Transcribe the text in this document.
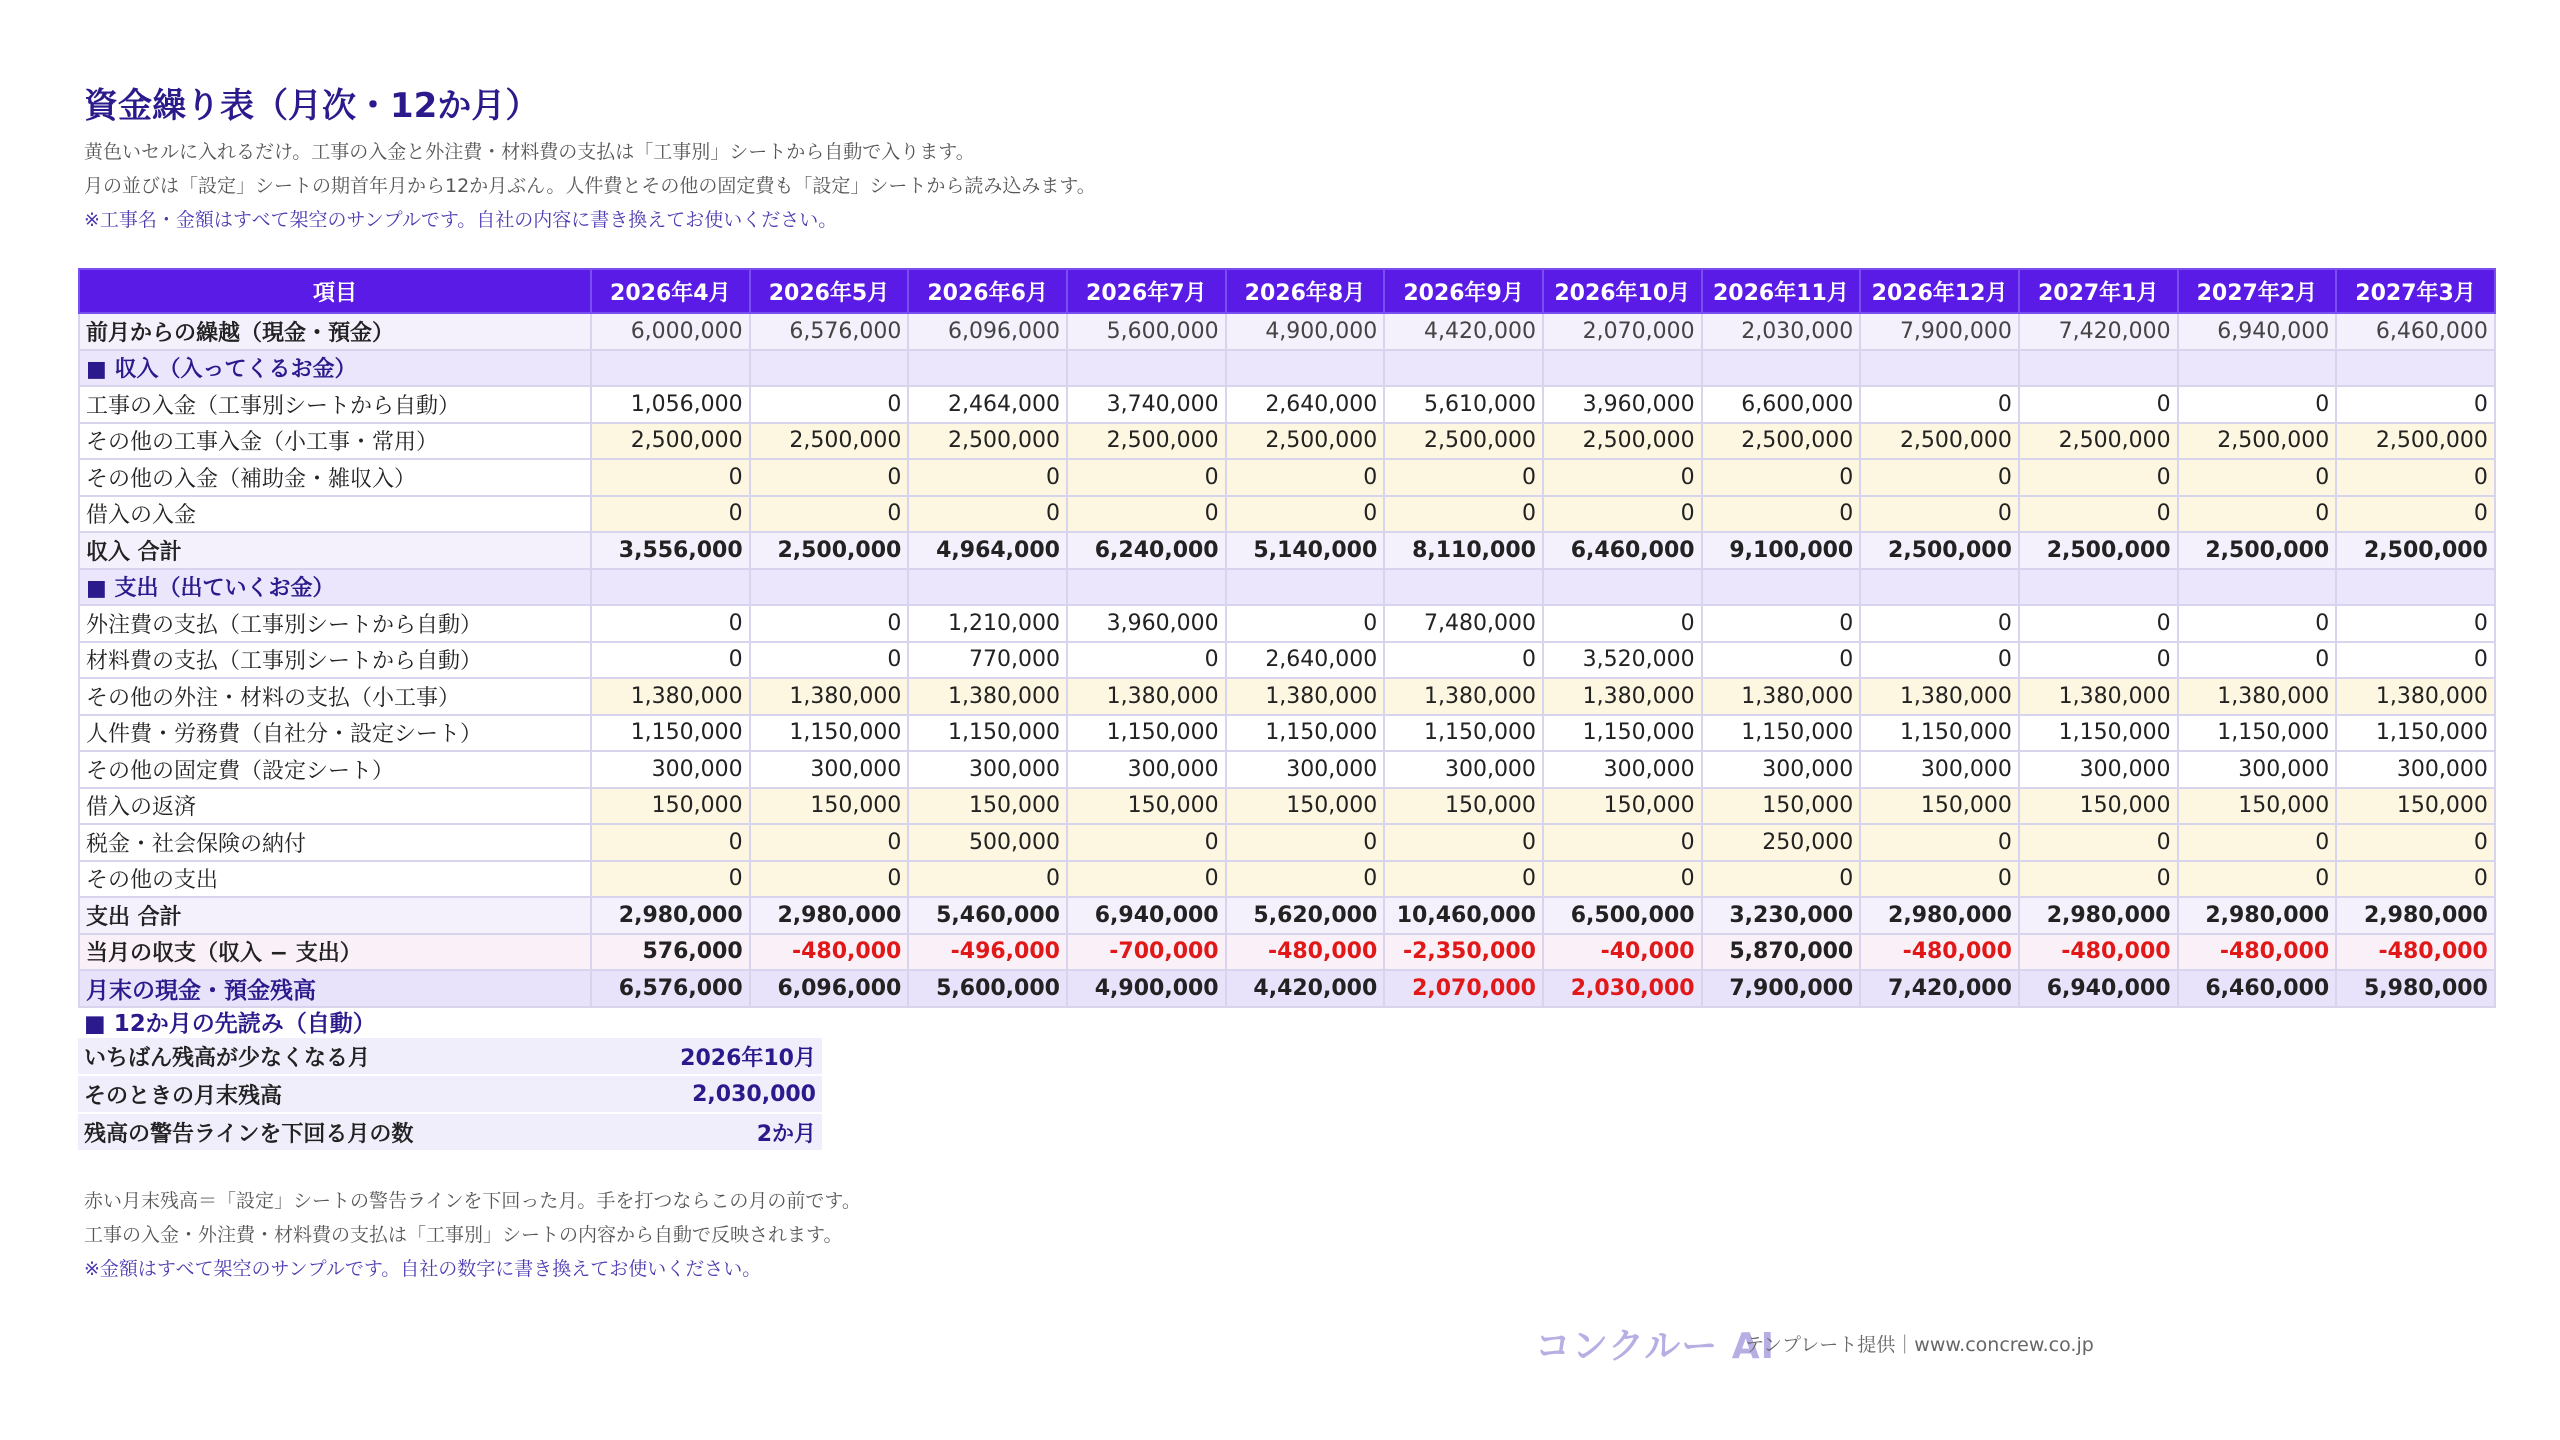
資金繰り表（月次・12か月）
黄色いセルに入れるだけ。工事の入金と外注費・材料費の支払は「工事別」シートから自動で入ります。
月の並びは「設定」シートの期首年月から12か月ぶん。人件費とその他の固定費も「設定」シートから読み込みます。
※工事名・金額はすべて架空のサンプルです。自社の内容に書き換えてお使いください。
項目	2026年4月	2026年5月	2026年6月	2026年7月	2026年8月	2026年9月	2026年10月	2026年11月	2026年12月	2027年1月	2027年2月	2027年3月
前月からの繰越（現金・預金）	6,000,000	6,576,000	6,096,000	5,600,000	4,900,000	4,420,000	2,070,000	2,030,000	7,900,000	7,420,000	6,940,000	6,460,000
■ 収入（入ってくるお金）												
工事の入金（工事別シートから自動）	1,056,000	0	2,464,000	3,740,000	2,640,000	5,610,000	3,960,000	6,600,000	0	0	0	0
その他の工事入金（小工事・常用）	2,500,000	2,500,000	2,500,000	2,500,000	2,500,000	2,500,000	2,500,000	2,500,000	2,500,000	2,500,000	2,500,000	2,500,000
その他の入金（補助金・雑収入）	0	0	0	0	0	0	0	0	0	0	0	0
借入の入金	0	0	0	0	0	0	0	0	0	0	0	0
収入 合計	3,556,000	2,500,000	4,964,000	6,240,000	5,140,000	8,110,000	6,460,000	9,100,000	2,500,000	2,500,000	2,500,000	2,500,000
■ 支出（出ていくお金）												
外注費の支払（工事別シートから自動）	0	0	1,210,000	3,960,000	0	7,480,000	0	0	0	0	0	0
材料費の支払（工事別シートから自動）	0	0	770,000	0	2,640,000	0	3,520,000	0	0	0	0	0
その他の外注・材料の支払（小工事）	1,380,000	1,380,000	1,380,000	1,380,000	1,380,000	1,380,000	1,380,000	1,380,000	1,380,000	1,380,000	1,380,000	1,380,000
人件費・労務費（自社分・設定シート）	1,150,000	1,150,000	1,150,000	1,150,000	1,150,000	1,150,000	1,150,000	1,150,000	1,150,000	1,150,000	1,150,000	1,150,000
その他の固定費（設定シート）	300,000	300,000	300,000	300,000	300,000	300,000	300,000	300,000	300,000	300,000	300,000	300,000
借入の返済	150,000	150,000	150,000	150,000	150,000	150,000	150,000	150,000	150,000	150,000	150,000	150,000
税金・社会保険の納付	0	0	500,000	0	0	0	0	250,000	0	0	0	0
その他の支出	0	0	0	0	0	0	0	0	0	0	0	0
支出 合計	2,980,000	2,980,000	5,460,000	6,940,000	5,620,000	10,460,000	6,500,000	3,230,000	2,980,000	2,980,000	2,980,000	2,980,000
当月の収支（収入 − 支出）	576,000	-480,000	-496,000	-700,000	-480,000	-2,350,000	-40,000	5,870,000	-480,000	-480,000	-480,000	-480,000
月末の現金・預金残高	6,576,000	6,096,000	5,600,000	4,900,000	4,420,000	2,070,000	2,030,000	7,900,000	7,420,000	6,940,000	6,460,000	5,980,000
■ 12か月の先読み（自動）
いちばん残高が少なくなる月	2026年10月
そのときの月末残高	2,030,000
残高の警告ラインを下回る月の数	2か月
赤い月末残高＝「設定」シートの警告ラインを下回った月。手を打つならこの月の前です。
工事の入金・外注費・材料費の支払は「工事別」シートの内容から自動で反映されます。
※金額はすべて架空のサンプルです。自社の数字に書き換えてお使いください。
コンクルー AI
テンプレート提供｜www.concrew.co.jp
